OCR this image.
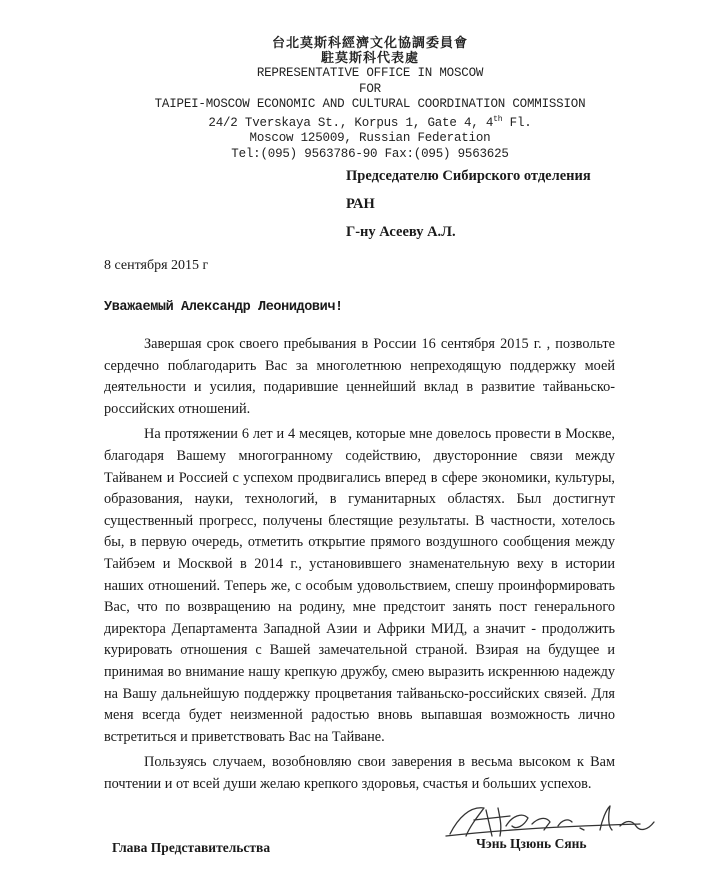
台北莫斯科經濟文化協調委員會
駐莫斯科代表處
REPRESENTATIVE OFFICE IN MOSCOW
FOR
TAIPEI-MOSCOW ECONOMIC AND CULTURAL COORDINATION COMMISSION
24/2 Tverskaya St., Korpus 1, Gate 4, 4th Fl.
Moscow 125009, Russian Federation
Tel:(095) 9563786-90 Fax:(095) 9563625
Председателю Сибирского отделения
РАН
Г-ну Асееву А.Л.
8 сентября 2015 г
Уважаемый Александр Леонидович!

Завершая срок своего пребывания в России 16 сентября 2015 г. , позвольте сердечно поблагодарить Вас за многолетнюю непреходящую поддержку моей деятельности и усилия, подарившие ценнейший вклад в развитие тайваньско-российских отношений.

На протяжении 6 лет и 4 месяцев, которые мне довелось провести в Москве, благодаря Вашему многогранному содействию, двусторонние связи между Тайванем и Россией с успехом продвигались вперед в сфере экономики, культуры, образования, науки, технологий, в гуманитарных областях. Был достигнут существенный прогресс, получены блестящие результаты. В частности, хотелось бы, в первую очередь, отметить открытие прямого воздушного сообщения между Тайбэем и Москвой в 2014 г., установившего знаменательную веху в истории наших отношений. Теперь же, с особым удовольствием, спешу проинформировать Вас, что по возвращению на родину, мне предстоит занять пост генерального директора Департамента Западной Азии и Африки МИД, а значит - продолжить курировать отношения с Вашей замечательной страной. Взирая на будущее и принимая во внимание нашу крепкую дружбу, смею выразить искреннюю надежду на Вашу дальнейшую поддержку процветания тайваньско-российских связей. Для меня всегда будет неизменной радостью вновь выпавшая возможность лично встретиться и приветствовать Вас на Тайване.

Пользуясь случаем, возобновляю свои заверения в весьма высоком к Вам почтении и от всей души желаю крепкого здоровья, счастья и больших успехов.

Глава Представительства	Чэнь Цзюнь Сянь
